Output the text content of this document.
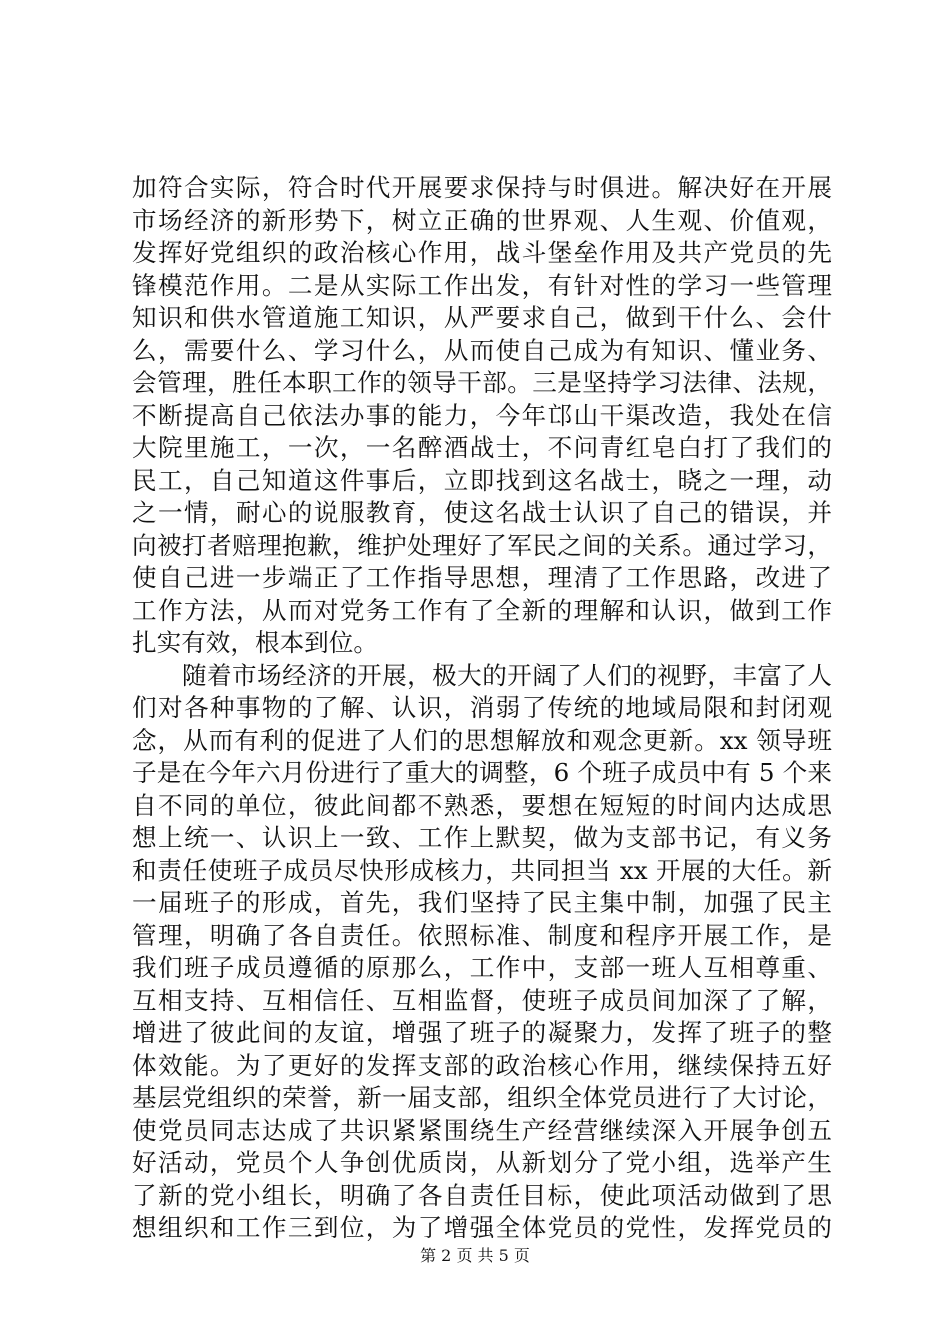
加符合实际，符合时代开展要求保持与时俱进。解决好在开展
市场经济的新形势下，树立正确的世界观、人生观、价值观，
发挥好党组织的政治核心作用，战斗堡垒作用及共产党员的先
锋模范作用。二是从实际工作出发，有针对性的学习一些管理
知识和供水管道施工知识，从严要求自己，做到干什么、会什
么，需要什么、学习什么，从而使自己成为有知识、懂业务、
会管理，胜任本职工作的领导干部。三是坚持学习法律、法规，
不断提高自己依法办事的能力，今年邙山干渠改造，我处在信
大院里施工，一次，一名醉酒战士，不问青红皂白打了我们的
民工，自己知道这件事后，立即找到这名战士，晓之一理，动
之一情，耐心的说服教育，使这名战士认识了自己的错误，并
向被打者赔理抱歉，维护处理好了军民之间的关系。通过学习，
使自己进一步端正了工作指导思想，理清了工作思路，改进了
工作方法，从而对党务工作有了全新的理解和认识，做到工作
扎实有效，根本到位。
随着市场经济的开展，极大的开阔了人们的视野，丰富了人
们对各种事物的了解、认识，消弱了传统的地域局限和封闭观
念，从而有利的促进了人们的思想解放和观念更新。xx 领导班
子是在今年六月份进行了重大的调整，6 个班子成员中有 5 个来
自不同的单位，彼此间都不熟悉，要想在短短的时间内达成思
想上统一、认识上一致、工作上默契，做为支部书记，有义务
和责任使班子成员尽快形成核力，共同担当 xx 开展的大任。新
一届班子的形成，首先，我们坚持了民主集中制，加强了民主
管理，明确了各自责任。依照标准、制度和程序开展工作，是
我们班子成员遵循的原那么，工作中，支部一班人互相尊重、
互相支持、互相信任、互相监督，使班子成员间加深了了解，
增进了彼此间的友谊，增强了班子的凝聚力，发挥了班子的整
体效能。为了更好的发挥支部的政治核心作用，继续保持五好
基层党组织的荣誉，新一届支部，组织全体党员进行了大讨论，
使党员同志达成了共识紧紧围绕生产经营继续深入开展争创五
好活动，党员个人争创优质岗，从新划分了党小组，选举产生
了新的党小组长，明确了各自责任目标，使此项活动做到了思
想组织和工作三到位，为了增强全体党员的党性，发挥党员的
第 2 页 共 5 页
